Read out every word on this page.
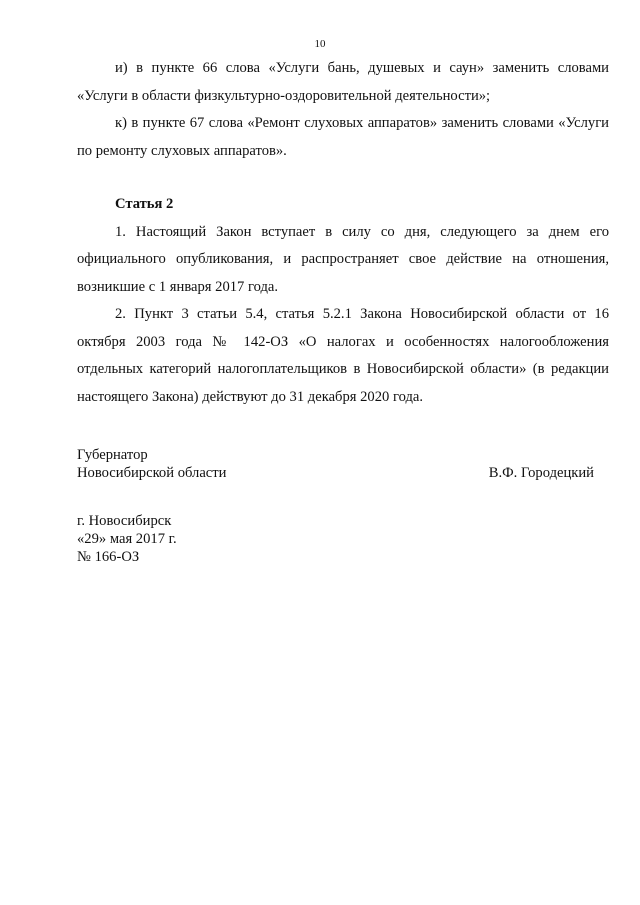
10

и) в пункте 66 слова «Услуги бань, душевых и саун» заменить словами «Услуги в области физкультурно-оздоровительной деятельности»;

к) в пункте 67 слова «Ремонт слуховых аппаратов» заменить словами «Услуги по ремонту слуховых аппаратов».

Статья 2

1. Настоящий Закон вступает в силу со дня, следующего за днем его официального опубликования, и распространяет свое действие на отношения, возникшие с 1 января 2017 года.

2. Пункт 3 статьи 5.4, статья 5.2.1 Закона Новосибирской области от 16 октября 2003 года № 142-ОЗ «О налогах и особенностях налогообложения отдельных категорий налогоплательщиков в Новосибирской области» (в редакции настоящего Закона) действуют до 31 декабря 2020 года.

Губернатор
Новосибирской области	В.Ф. Городецкий
г. Новосибирск
«29» мая 2017 г.
№ 166-ОЗ
